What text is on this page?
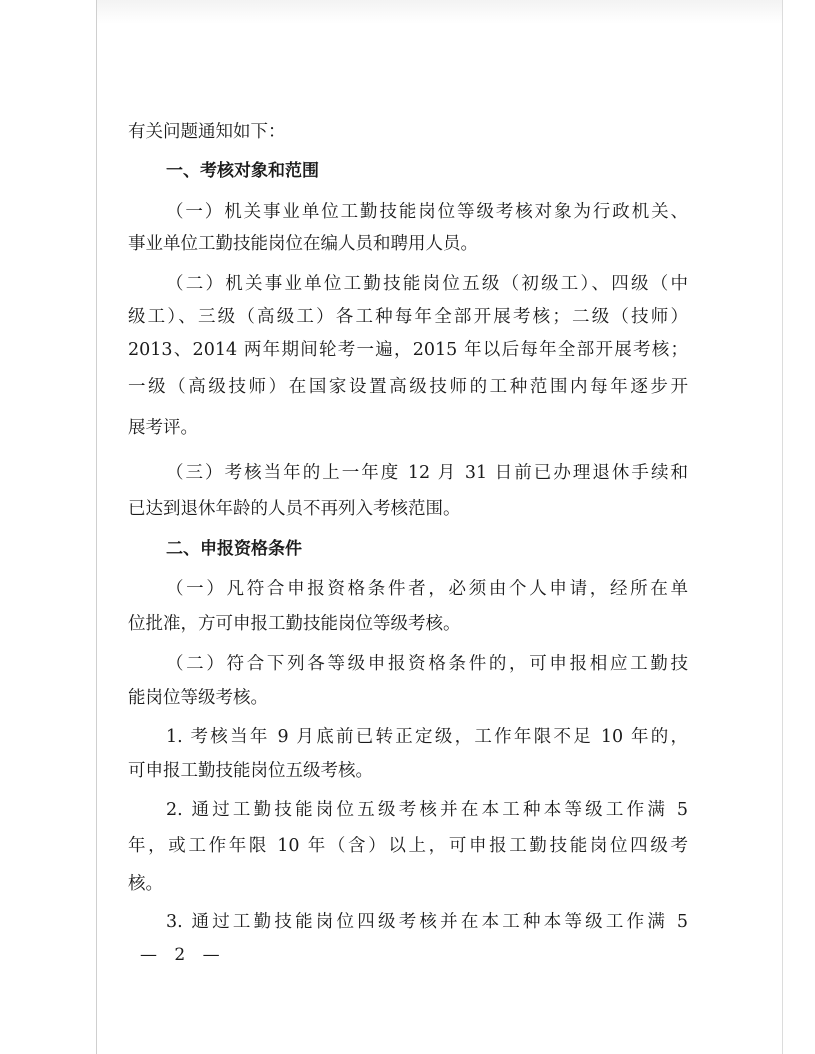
有关问题通知如下：

一、考核对象和范围

（一）机关事业单位工勤技能岗位等级考核对象为行政机关、

事业单位工勤技能岗位在编人员和聘用人员。

（二）机关事业单位工勤技能岗位五级（初级工）、四级（中

级工）、三级（高级工）各工种每年全部开展考核；二级（技师）

2013、2014 两年期间轮考一遍，2015 年以后每年全部开展考核；

一级（高级技师）在国家设置高级技师的工种范围内每年逐步开

展考评。

（三）考核当年的上一年度 12 月 31 日前已办理退休手续和

已达到退休年龄的人员不再列入考核范围。

二、申报资格条件

（一）凡符合申报资格条件者，必须由个人申请，经所在单

位批准，方可申报工勤技能岗位等级考核。

（二）符合下列各等级申报资格条件的，可申报相应工勤技

能岗位等级考核。

1. 考核当年 9 月底前已转正定级，工作年限不足 10 年的，

可申报工勤技能岗位五级考核。

2. 通过工勤技能岗位五级考核并在本工种本等级工作满 5

年，或工作年限 10 年（含）以上，可申报工勤技能岗位四级考

核。

3. 通过工勤技能岗位四级考核并在本工种本等级工作满 5

— 2 —
